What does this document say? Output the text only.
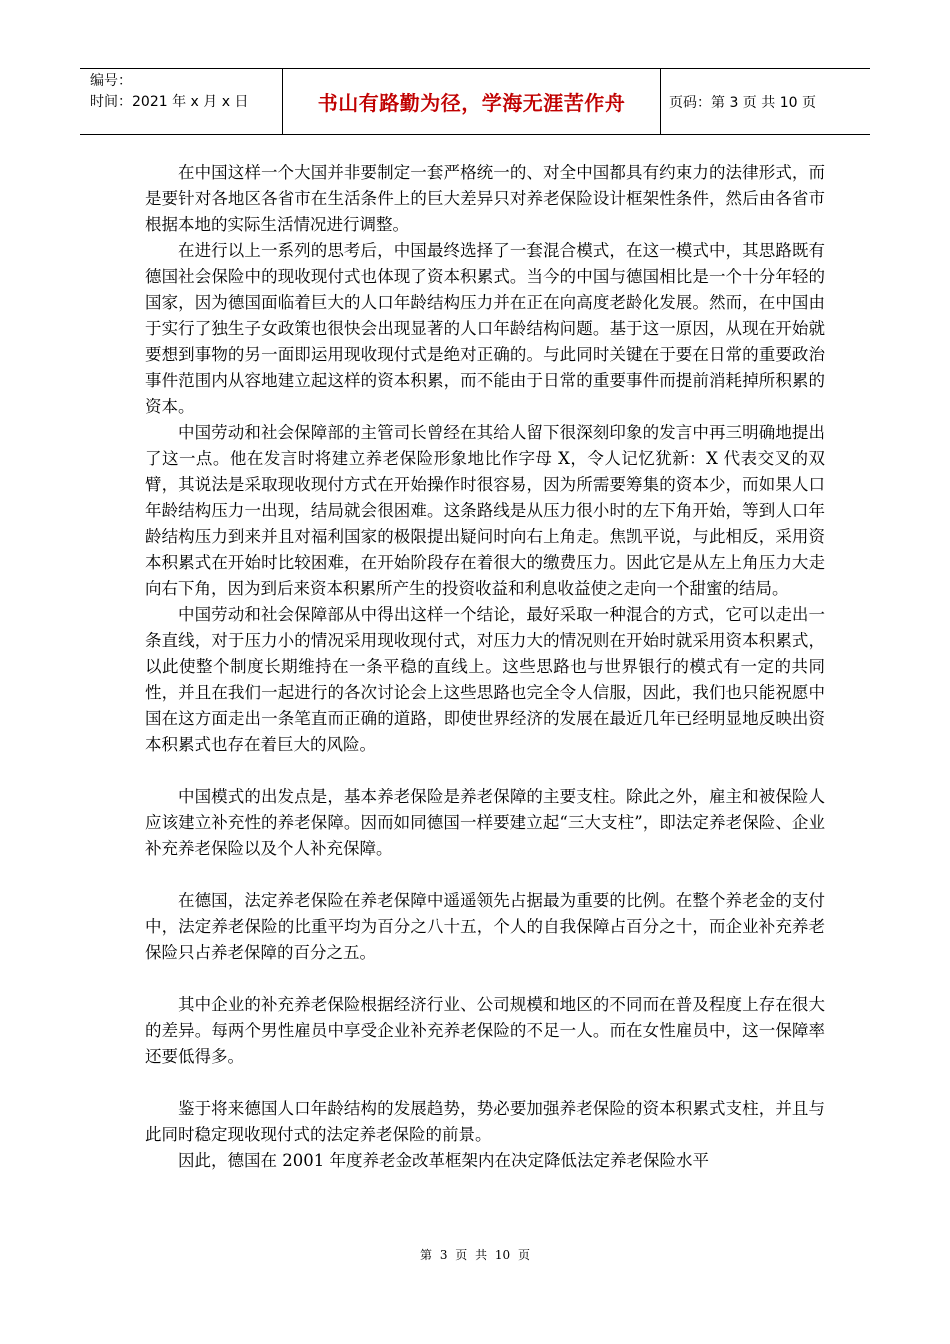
编号：
时间：2021 年 x 月 x 日	书山有路勤为径，学海无涯苦作舟	页码：第 3 页 共 10 页

在中国这样一个大国并非要制定一套严格统一的、对全中国都具有约束力的法律形式，而是要针对各地区各省市在生活条件上的巨大差异只对养老保险设计框架性条件，然后由各省市根据本地的实际生活情况进行调整。

在进行以上一系列的思考后，中国最终选择了一套混合模式，在这一模式中，其思路既有德国社会保险中的现收现付式也体现了资本积累式。当今的中国与德国相比是一个十分年轻的国家，因为德国面临着巨大的人口年龄结构压力并在正在向高度老龄化发展。然而，在中国由于实行了独生子女政策也很快会出现显著的人口年龄结构问题。基于这一原因，从现在开始就要想到事物的另一面即运用现收现付式是绝对正确的。与此同时关键在于要在日常的重要政治事件范围内从容地建立起这样的资本积累，而不能由于日常的重要事件而提前消耗掉所积累的资本。

中国劳动和社会保障部的主管司长曾经在其给人留下很深刻印象的发言中再三明确地提出了这一点。他在发言时将建立养老保险形象地比作字母 X，令人记忆犹新：X 代表交叉的双臂，其说法是采取现收现付方式在开始操作时很容易，因为所需要筹集的资本少，而如果人口年龄结构压力一出现，结局就会很困难。这条路线是从压力很小时的左下角开始，等到人口年龄结构压力到来并且对福利国家的极限提出疑问时向右上角走。焦凯平说，与此相反，采用资本积累式在开始时比较困难，在开始阶段存在着很大的缴费压力。因此它是从左上角压力大走向右下角，因为到后来资本积累所产生的投资收益和利息收益使之走向一个甜蜜的结局。

中国劳动和社会保障部从中得出这样一个结论，最好采取一种混合的方式，它可以走出一条直线，对于压力小的情况采用现收现付式，对压力大的情况则在开始时就采用资本积累式，以此使整个制度长期维持在一条平稳的直线上。这些思路也与世界银行的模式有一定的共同性，并且在我们一起进行的各次讨论会上这些思路也完全令人信服，因此，我们也只能祝愿中国在这方面走出一条笔直而正确的道路，即使世界经济的发展在最近几年已经明显地反映出资本积累式也存在着巨大的风险。

中国模式的出发点是，基本养老保险是养老保障的主要支柱。除此之外，雇主和被保险人应该建立补充性的养老保障。因而如同德国一样要建立起“三大支柱”，即法定养老保险、企业补充养老保险以及个人补充保障。

在德国，法定养老保险在养老保障中遥遥领先占据最为重要的比例。在整个养老金的支付中，法定养老保险的比重平均为百分之八十五，个人的自我保障占百分之十，而企业补充养老保险只占养老保障的百分之五。

其中企业的补充养老保险根据经济行业、公司规模和地区的不同而在普及程度上存在很大的差异。每两个男性雇员中享受企业补充养老保险的不足一人。而在女性雇员中，这一保障率还要低得多。

鉴于将来德国人口年龄结构的发展趋势，势必要加强养老保险的资本积累式支柱，并且与此同时稳定现收现付式的法定养老保险的前景。

因此，德国在 2001 年度养老金改革框架内在决定降低法定养老保险水平

第 3 页 共 10 页
